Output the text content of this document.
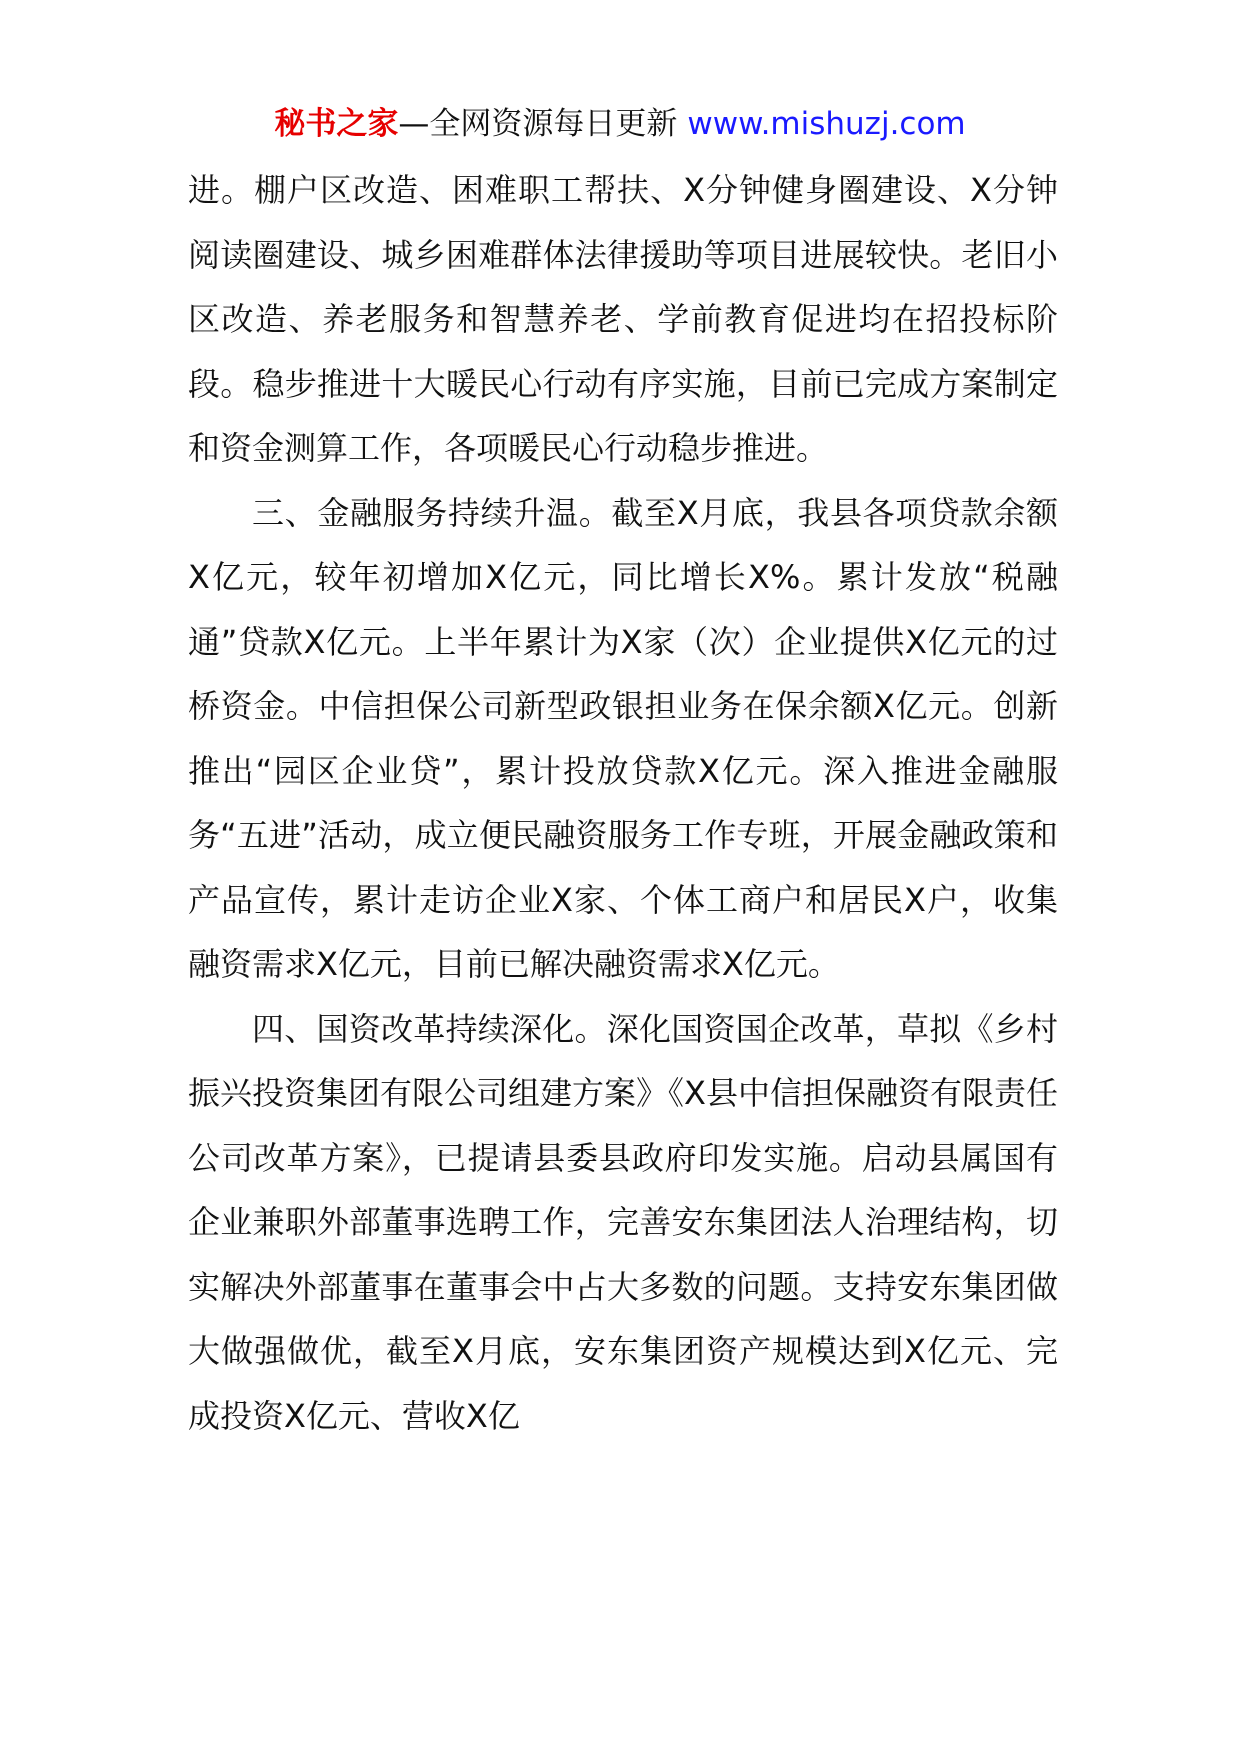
秘书之家—全网资源每日更新 www.mishuzj.com

进。棚户区改造、困难职工帮扶、X分钟健身圈建设、X分钟阅读圈建设、城乡困难群体法律援助等项目进展较快。老旧小区改造、养老服务和智慧养老、学前教育促进均在招投标阶段。稳步推进十大暖民心行动有序实施，目前已完成方案制定和资金测算工作，各项暖民心行动稳步推进。

三、金融服务持续升温。截至X月底，我县各项贷款余额X亿元，较年初增加X亿元，同比增长X%。累计发放“税融通”贷款X亿元。上半年累计为X家（次）企业提供X亿元的过桥资金。中信担保公司新型政银担业务在保余额X亿元。创新推出“园区企业贷”，累计投放贷款X亿元。深入推进金融服务“五进”活动，成立便民融资服务工作专班，开展金融政策和产品宣传，累计走访企业X家、个体工商户和居民X户，收集融资需求X亿元，目前已解决融资需求X亿元。

四、国资改革持续深化。深化国资国企改革，草拟《乡村振兴投资集团有限公司组建方案》《X县中信担保融资有限责任公司改革方案》，已提请县委县政府印发实施。启动县属国有企业兼职外部董事选聘工作，完善安东集团法人治理结构，切实解决外部董事在董事会中占大多数的问题。支持安东集团做大做强做优，截至X月底，安东集团资产规模达到X亿元、完成投资X亿元、营收X亿
